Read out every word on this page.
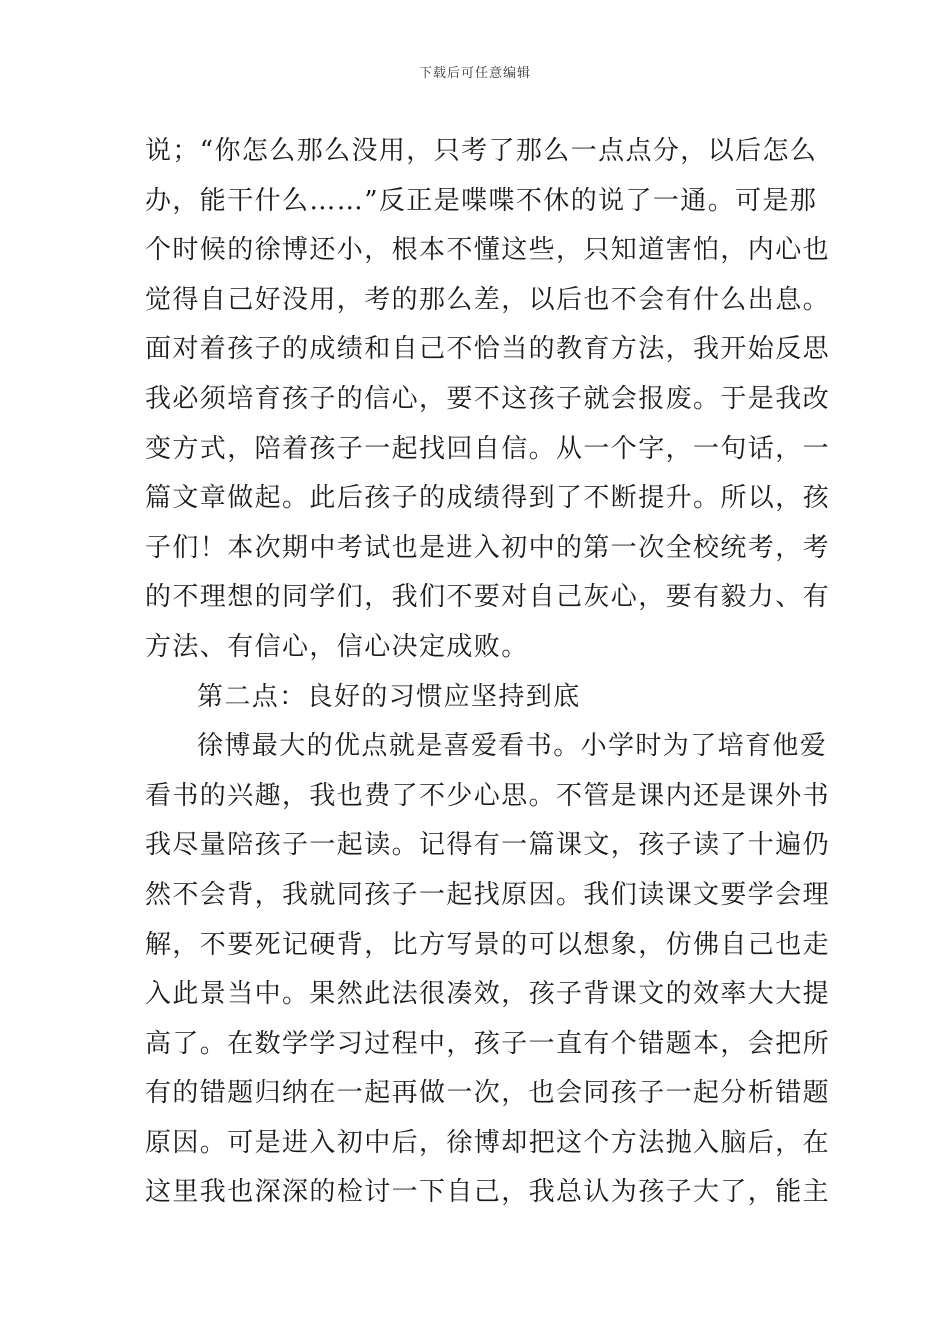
下载后可任意编辑
说；“你怎么那么没用，只考了那么一点点分，以后怎么
办，能干什么……”反正是喋喋不休的说了一通。可是那
个时候的徐博还小，根本不懂这些，只知道害怕，内心也
觉得自己好没用，考的那么差，以后也不会有什么出息。
面对着孩子的成绩和自己不恰当的教育方法，我开始反思
我必须培育孩子的信心，要不这孩子就会报废。于是我改
变方式，陪着孩子一起找回自信。从一个字，一句话，一
篇文章做起。此后孩子的成绩得到了不断提升。所以，孩
子们！本次期中考试也是进入初中的第一次全校统考，考
的不理想的同学们，我们不要对自己灰心，要有毅力、有
方法、有信心，信心决定成败。
第二点：良好的习惯应坚持到底
徐博最大的优点就是喜爱看书。小学时为了培育他爱
看书的兴趣，我也费了不少心思。不管是课内还是课外书
我尽量陪孩子一起读。记得有一篇课文，孩子读了十遍仍
然不会背，我就同孩子一起找原因。我们读课文要学会理
解，不要死记硬背，比方写景的可以想象，仿佛自己也走
入此景当中。果然此法很凑效，孩子背课文的效率大大提
高了。在数学学习过程中，孩子一直有个错题本，会把所
有的错题归纳在一起再做一次，也会同孩子一起分析错题
原因。可是进入初中后，徐博却把这个方法抛入脑后，在
这里我也深深的检讨一下自己，我总认为孩子大了，能主
